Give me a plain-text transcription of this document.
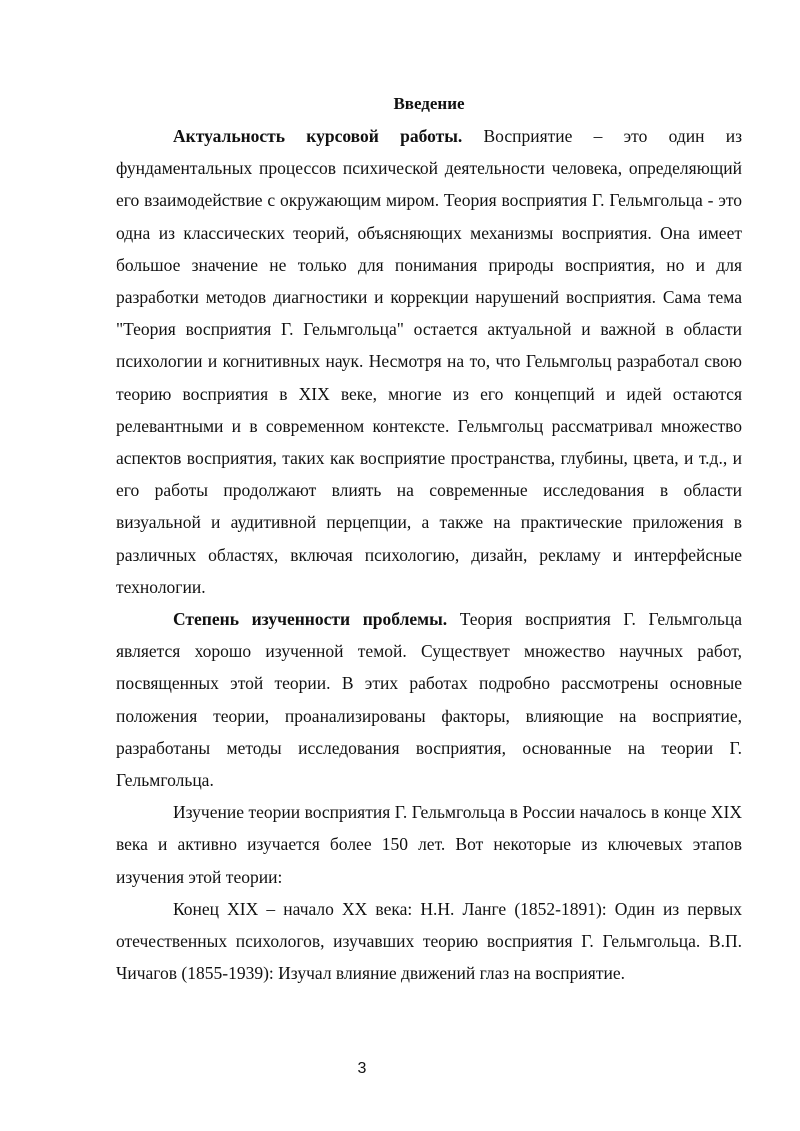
Введение

Актуальность курсовой работы. Восприятие – это один из фундаментальных процессов психической деятельности человека, определяющий его взаимодействие с окружающим миром. Теория восприятия Г. Гельмгольца - это одна из классических теорий, объясняющих механизмы восприятия. Она имеет большое значение не только для понимания природы восприятия, но и для разработки методов диагностики и коррекции нарушений восприятия. Сама тема "Теория восприятия Г. Гельмгольца" остается актуальной и важной в области психологии и когнитивных наук. Несмотря на то, что Гельмгольц разработал свою теорию восприятия в XIX веке, многие из его концепций и идей остаются релевантными и в современном контексте. Гельмгольц рассматривал множество аспектов восприятия, таких как восприятие пространства, глубины, цвета, и т.д., и его работы продолжают влиять на современные исследования в области визуальной и аудитивной перцепции, а также на практические приложения в различных областях, включая психологию, дизайн, рекламу и интерфейсные технологии.

Степень изученности проблемы. Теория восприятия Г. Гельмгольца является хорошо изученной темой. Существует множество научных работ, посвященных этой теории. В этих работах подробно рассмотрены основные положения теории, проанализированы факторы, влияющие на восприятие, разработаны методы исследования восприятия, основанные на теории Г. Гельмгольца.

Изучение теории восприятия Г. Гельмгольца в России началось в конце XIX века и активно изучается более 150 лет. Вот некоторые из ключевых этапов изучения этой теории:

Конец XIX – начало XX века: Н.Н. Ланге (1852-1891): Один из первых отечественных психологов, изучавших теорию восприятия Г. Гельмгольца. В.П. Чичагов (1855-1939): Изучал влияние движений глаз на восприятие.

3
